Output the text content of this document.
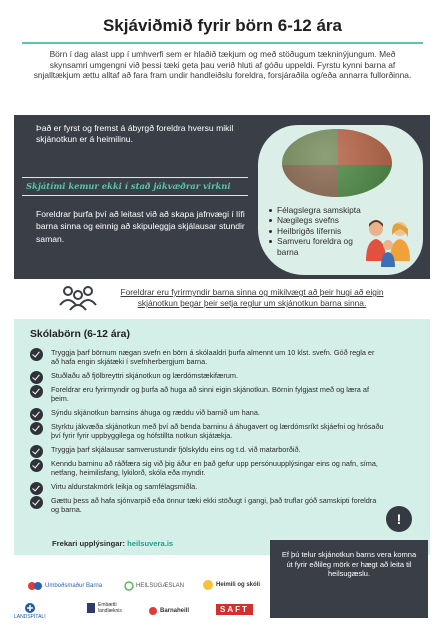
Skjáviðmið fyrir börn 6-12 ára
Börn í dag alast upp í umhverfi sem er hlaðið tækjum og með stöðugum tækninýjungum. Með skynsamri umgengni við þessi tæki geta þau verið hluti af góðu uppeldi. Fyrstu kynni barna af snjalltækjum ættu alltaf að fara fram undir handleiðslu foreldra, forsjáraðila og/eða annarra fullorðinna.
Það er fyrst og fremst á ábyrgð foreldra hversu mikil skjánotkun er á heimilinu.
Skjátími kemur ekki í stað jákvæðrar virkni
Foreldrar þurfa því að leitast við að skapa jafnvægi í lífi barna sinna og einnig að skipuleggja skjálausar stundir saman.
Félagslegra samskipta
Nægilegs svefns
Heilbrigðs lífernis
Samveru foreldra og barna
Foreldrar eru fyrirmyndir barna sinna og mikilvægt að þeir hugi að eigin skjánotkun þegar þeir setja reglur um skjánotkun barna sinna.
Skólabörn (6-12 ára)
Tryggja þarf börnum nægan svefn en börn á skólaaldri þurfa almennt um 10 klst. svefn. Góð regla er að hafa engin skjátæki í svefnherbergjum barna.
Stuðlaðu að fjölbreyttri skjánotkun og lærdómstækifærum.
Foreldrar eru fyrirmyndir og þurfa að huga að sinni eigin skjánotkun. Börnin fylgjast með og læra af þeim.
Sýndu skjánotkun barnsins áhuga og ræddu við barnið um hana.
Styrktu jákvæða skjánotkun með því að benda barninu á áhugavert og lærdómsríkt skjáefni og hrósaðu því fyrir fyrir uppbyggilega og hófstillta notkun skjátækja.
Tryggja þarf skjálausar samverustundir fjölskyldu eins og t.d. við matarborðið.
Kenndu barninu að ráðfæra sig við þig áður en það gefur upp persónuupplýsingar eins og nafn, síma, netfang, heimilisfang, lykilorð, skóla eða myndir.
Virtu aldurstakmörk leikja og samfélagsmiðla.
Gættu þess að hafa sjónvarpið eða önnur tæki ekki stöðugt í gangi, það truflar góð samskipti foreldra og barna.
Frekari upplýsingar: heilsuvera.is
!
Ef þú telur skjánotkun barns vera komna út fyrir eðlileg mörk er hægt að leita til heilsugæslu.
Umboðsmaður Barna	HEILSUGÆSLAN	Heimili og skóli
LANDSPÍTALI
Embætti landlæknis	Barnaheill	SAFT
